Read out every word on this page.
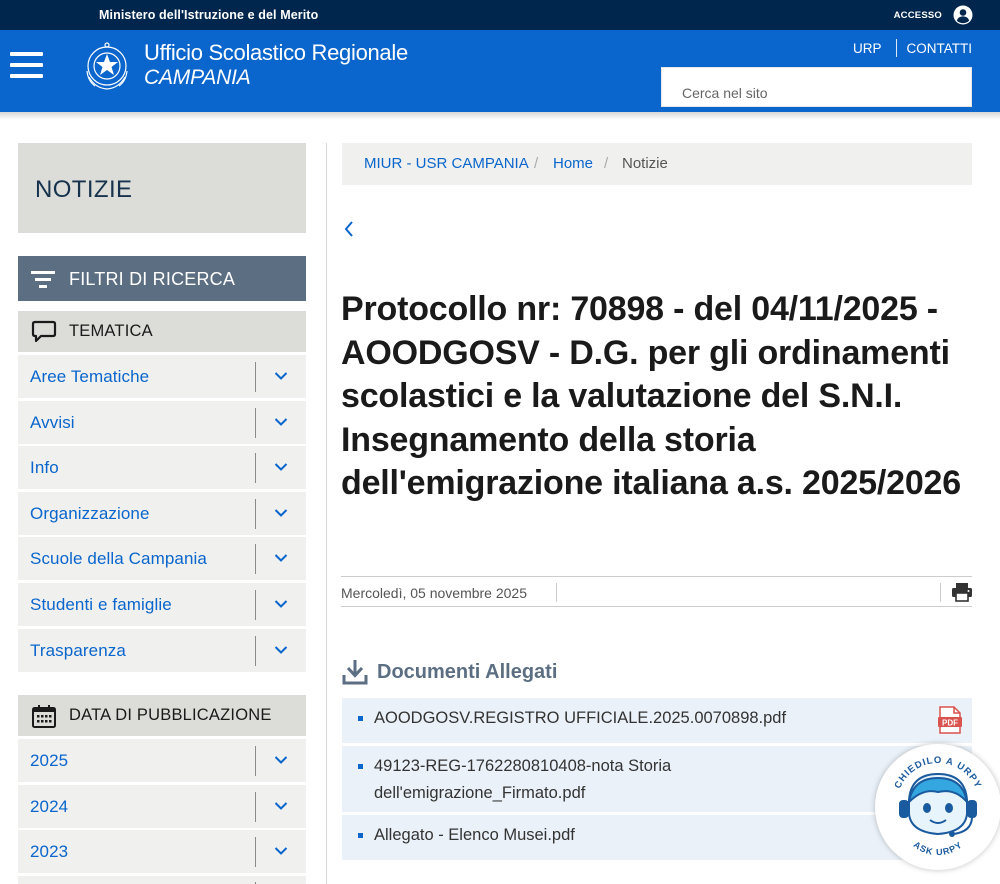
Ministero dell'Istruzione e del Merito	ACCESSO
Ufficio Scolastico Regionale
CAMPANIA
URP CONTATTI
Cerca nel sito
NOTIZIE
FILTRI DI RICERCA
TEMATICA
Aree Tematiche
Avvisi
Info
Organizzazione
Scuole della Campania
Studenti e famiglie
Trasparenza
DATA DI PUBBLICAZIONE
2025
2024
2023
MIUR - USR CAMPANIA / Home / Notizie
Protocollo nr: 70898 - del 04/11/2025 - AOODGOSV - D.G. per gli ordinamenti scolastici e la valutazione del S.N.I. Insegnamento della storia dell'emigrazione italiana a.s. 2025/2026
Mercoledì, 05 novembre 2025
Documenti Allegati
AOODGOSV.REGISTRO UFFICIALE.2025.0070898.pdf	PDF
49123-REG-1762280810408-nota Storia dell'emigrazione_Firmato.pdf
Allegato - Elenco Musei.pdf
CHIEDILO A URPY
ASK URPY
